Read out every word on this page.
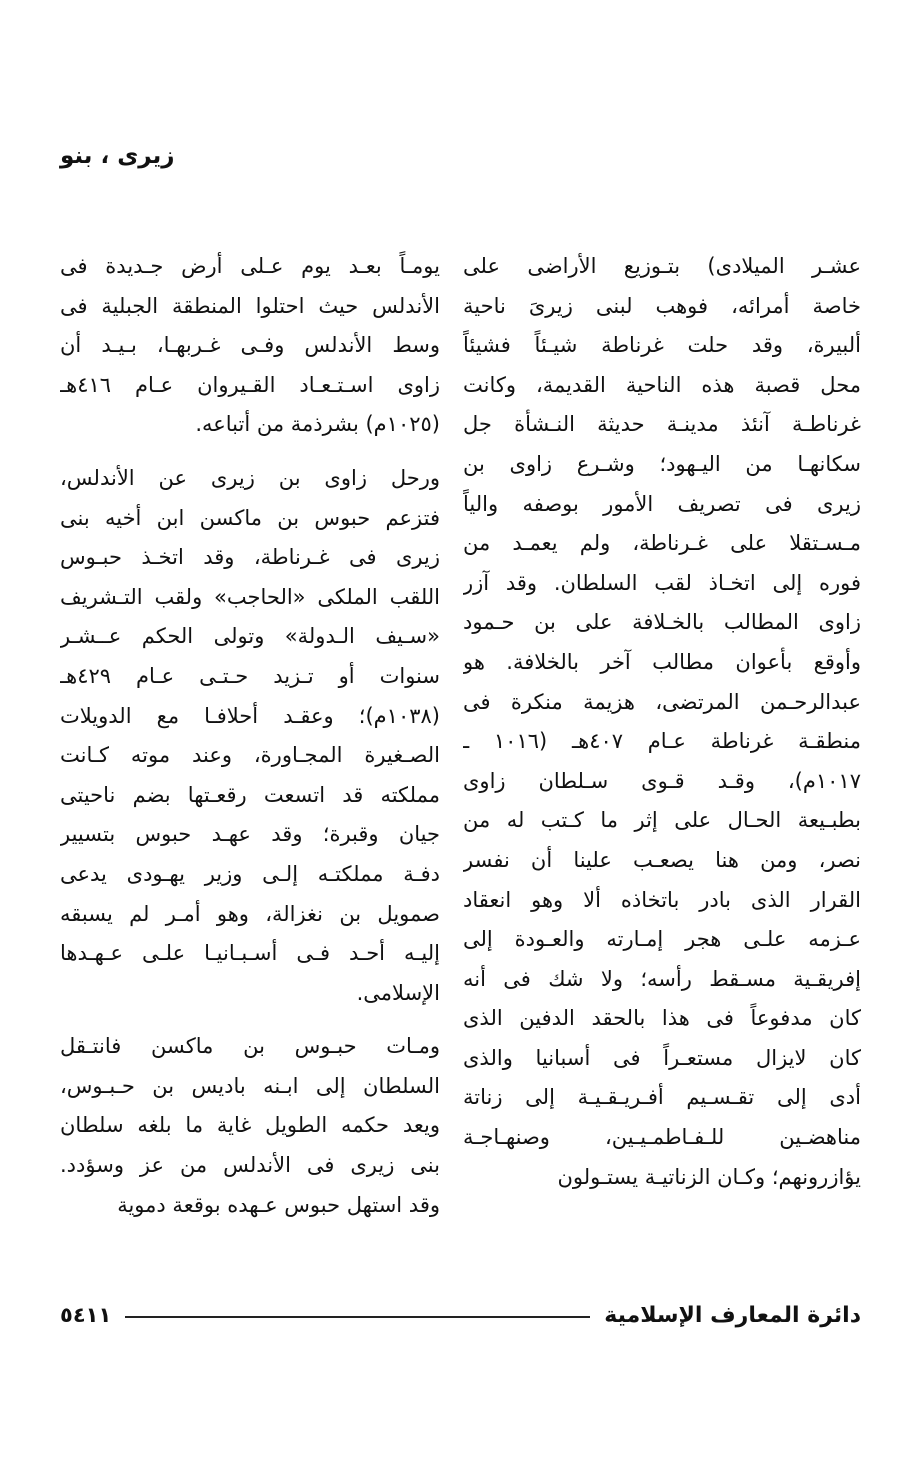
زيرى ، بنو
عشـر الميلادى) بتـوزيع الأراضى على
خاصة أمرائه، فوهب لبنى زيرىَ ناحية
ألبيرة، وقد حلت غرناطة شيـئاً فشيئاً
محل قصبة هذه الناحية القديمة، وكانت
غرناطـة آنئذ مدينـة حديثة النـشأة جل
سكانهـا من اليـهود؛ وشـرع زاوى بن
زيرى فى تصريف الأمور بوصفه والياً
مـسـتقلا على غـرناطة، ولم يعمـد من
فوره إلى اتخـاذ لقب السلطان. وقد آزر
زاوى المطالب بالخـلافة على بن حـمود
وأوقع بأعوان مطالب آخر بالخلافة. هو
عبدالرحـمن المرتضى، هزيمة منكرة فى
منطقـة غرناطة عـام ٤٠٧هـ (١٠١٦ ـ
١٠١٧م)، وقـد قـوى سـلطان زاوى
بطبـيعة الحـال على إثر ما كـتب له من
نصر، ومن هنا يصعـب علينا أن نفسر
القرار الذى بادر باتخاذه ألا وهو انعقاد
عـزمه علـى هجر إمـارته والعـودة إلى
إفريقـية مسـقط رأسه؛ ولا شك فى أنه
كان مدفوعاً فى هذا بالحقد الدفين الذى
كان لايزال مستعـراً فى أسبانيا والذى
أدى إلى تقـسـيم أفـريـقـيـة إلى زناتة
مناهضـين للـفـاطمـيـين، وصنهـاجـة
يؤازرونهم؛ وكـان الزناتيـة يستـولون
يومـاً بعـد يوم عـلى أرض جـديدة فى
الأندلس حيث احتلوا المنطقة الجبلية فى
وسط الأندلس وفـى غـربهـا، بـيـد أن
زاوى اسـتـعـاد القـيروان عـام ٤١٦هـ
(١٠٢٥م) بشرذمة من أتباعه.
ورحل زاوى بن زيرى عن الأندلس،
فتزعم حبوس بن ماكسن ابن أخيه بنى
زيرى فى غـرناطة، وقد اتخـذ حبـوس
اللقب الملكى «الحاجب» ولقب التـشريف
«سـيف الـدولة» وتولى الحكم عــشـر
سنوات أو تـزيد حـتـى عـام ٤٢٩هـ
(١٠٣٨م)؛ وعقـد أحلافـا مع الدويلات
الصـغيرة المجـاورة، وعند موته كـانت
مملكته قد اتسعت رقعـتها بضم ناحيتى
جيان وقبرة؛ وقد عهـد حبوس بتسيير
دفـة مملكتـه إلـى وزير يهـودى يدعى
صمويل بن نغزالة، وهو أمـر لم يسبقه
إليـه أحـد فـى أسـبـانيـا علـى عـهـدها
الإسلامى.
ومـات حبـوس بن ماكسن فانتـقل
السلطان إلى ابـنه باديس بن حـبـوس،
ويعد حكمه الطويل غاية ما بلغه سلطان
بنى زيرى فى الأندلس من عز وسؤدد.
وقد استهل حبوس عـهده بوقعة دموية
٥٤١١	دائرة المعارف الإسلامية
